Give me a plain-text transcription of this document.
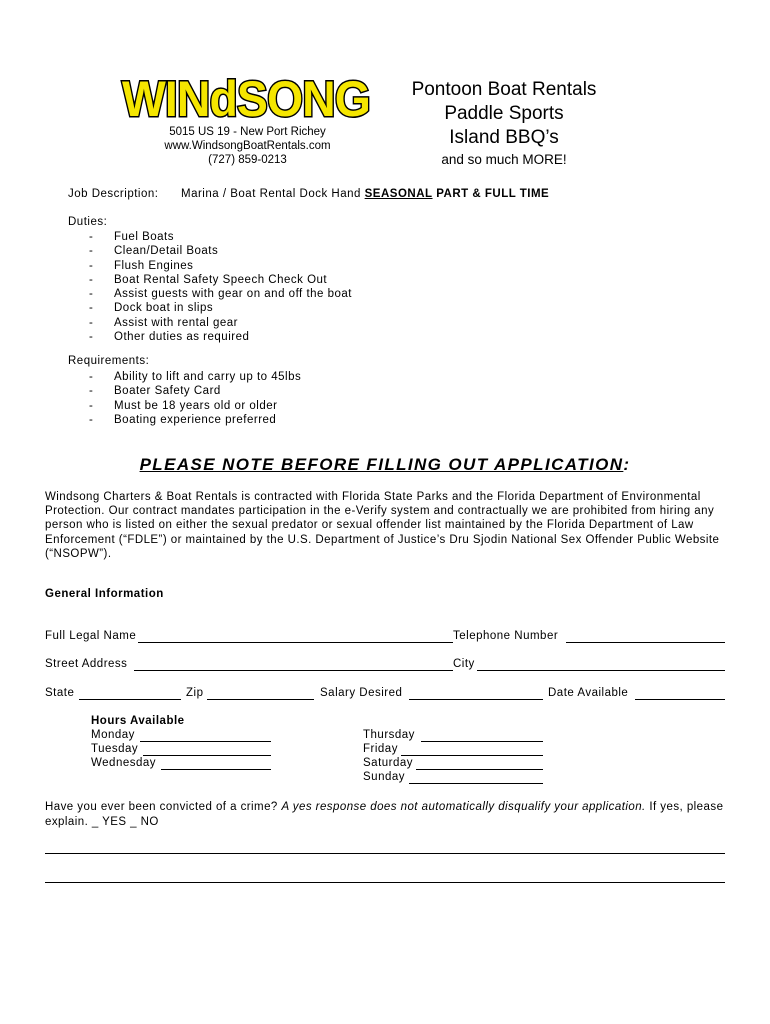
WINdSONG
5015 US 19 - New Port Richey
www.WindsongBoatRentals.com
(727) 859-0213
Pontoon Boat Rentals
Paddle Sports
Island BBQ’s
and so much MORE!
Job Description: Marina / Boat Rental Dock Hand SEASONAL PART & FULL TIME
Duties:
- Fuel Boats
- Clean/Detail Boats
- Flush Engines
- Boat Rental Safety Speech Check Out
- Assist guests with gear on and off the boat
- Dock boat in slips
- Assist with rental gear
- Other duties as required
Requirements:
- Ability to lift and carry up to 45lbs
- Boater Safety Card
- Must be 18 years old or older
- Boating experience preferred
PLEASE NOTE BEFORE FILLING OUT APPLICATION:

Windsong Charters & Boat Rentals is contracted with Florida State Parks and the Florida Department of Environmental Protection. Our contract mandates participation in the e-Verify system and contractually we are prohibited from hiring any person who is listed on either the sexual predator or sexual offender list maintained by the Florida Department of Law Enforcement (“FDLE”) or maintained by the U.S. Department of Justice’s Dru Sjodin National Sex Offender Public Website (“NSOPW”).

General Information
Full Legal Name	Telephone Number
Street Address	City
State	Zip	Salary Desired	Date Available
Hours Available
Monday
Tuesday
Wednesday
Thursday
Friday
Saturday
Sunday

Have you ever been convicted of a crime? A yes response does not automatically disqualify your application. If yes, please explain. _ YES _ NO
